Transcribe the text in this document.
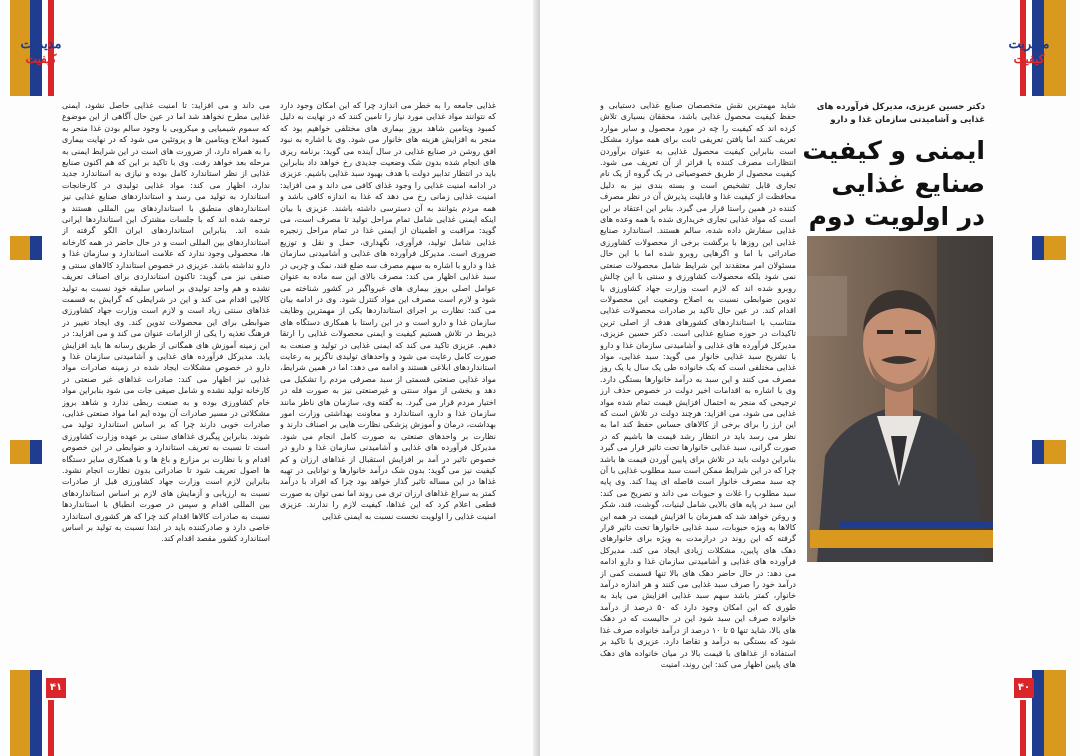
مدیریت
کیفیت
۴۱

می داند و می افزاید: تا امنیت غذایی حاصل نشود، ایمنی غذایی مطرح نخواهد شد اما در عین حال آگاهی از این موضوع که سموم شیمیایی و میکروبی با وجود سالم بودن غذا منجر به کمبود املاح ویتامین ها و پروتئین می شود که در نهایت بیماری را به همراه دارد، از ضرورت های است در این شرایط ایمنی به مرحله بعد خواهد رفت. وی با تاکید بر این که هم اکنون صنایع غذایی از نظر استاندارد کامل بوده و نیازی به استاندارد جدید ندارد، اظهار می کند: مواد غذایی تولیدی در کارخانجات استاندارد به تولید می رسد و استانداردهای صنایع غذایی نیز استانداردهای منطبق با استانداردهای بین المللی هستند و ترجمه شده اند که با جلسات مشترک این استانداردها ایرانی شده اند. بنابراین استانداردهای ایران الگو گرفته از استانداردهای بین المللی است و در حال حاضر در همه کارخانه ها، محصولی وجود ندارد که علامت استاندارد و سازمان غذا و دارو نداشته باشد. عزیزی در خصوص استاندارد کالاهای سنتی و صنفی نیز می گوید: تاکنون استانداردی برای اصناف تعریف نشده و هم واحد تولیدی بر اساس سلیقه خود نسبت به تولید کالایی اقدام می کند و این در شرایطی که گرایش به قسمت غذاهای سنتی زیاد است و لازم است وزارت جهاد کشاورزی ضوابطی برای این محصولات تدوین کند. وی ایجاد تغییر در فرهنگ تغذیه را یکی از الزامات عنوان می کند و می افزاید: در این زمینه آموزش های همگانی از طریق رسانه ها باید افزایش یابد. مدیرکل فرآورده های غذایی و آشامیدنی سازمان غذا و دارو در خصوص مشکلات ایجاد شده در زمینه صادرات مواد غذایی نیز اظهار می کند: صادرات غذاهای غیر صنعتی در کارخانه تولید نشده و شامل صیفی جات می شود بنابراین مواد خام کشاورزی بوده و به صنعت ربطی ندارد و شاهد بروز مشکلاتی در مسیر صادرات آن بوده ایم اما مواد صنعتی غذایی، صادرات خوبی دارند چرا که بر اساس استاندارد تولید می شوند. بنابراین پیگیری غذاهای سنتی بر عهده وزارت کشاورزی است تا نسبت به تعریف استاندارد و ضوابطی در این خصوص اقدام و با نظارت بر مزارع و باغ ها و با همکاری سایر دستگاه ها اصول تعریف شود تا صادراتی بدون نظارت انجام نشود. بنابراین لازم است وزارت جهاد کشاورزی قبل از صادرات نسبت به ارزیابی و آزمایش های لازم بر اساس استانداردهای بین المللی اقدام و سپس در صورت انطباق با استانداردها نسبت به صادرات کالاها اقدام کند چرا که هر کشوری استاندارد خاصی دارد و صادرکننده باید در ابتدا نسبت به تولید بر اساس استاندارد کشور مقصد اقدام کند.

غذایی جامعه را به خطر می اندازد چرا که این امکان وجود دارد که نتوانند مواد غذایی مورد نیاز را تامین کنند که در نهایت به دلیل کمبود ویتامین شاهد بروز بیماری های مختلفی خواهیم بود که منجر به افزایش هزینه های خانوار می شود. وی با اشاره به نبود افق روشن در صنایع غذایی در سال آینده می گوید: برنامه ریزی های انجام شده بدون شک وضعیت جدیدی رخ خواهد داد بنابراین باید در انتظار تدابیر دولت با هدف بهبود سبد غذایی باشیم. عزیزی در ادامه امنیت غذایی را وجود غذای کافی می داند و می افزاید: امنیت غذایی زمانی رخ می دهد که غذا به اندازه کافی باشد و همه مردم بتوانند به آن دسترسی داشته باشند. عزیزی با بیان اینکه ایمنی غذایی شامل تمام مراحل تولید تا مصرف است، می گوید: مراقبت و اطمینان از ایمنی غذا در تمام مراحل زنجیره غذایی شامل تولید، فرآوری، نگهداری، حمل و نقل و توزیع ضروری است. مدیرکل فرآورده های غذایی و آشامیدنی سازمان غذا و دارو با اشاره به سهم مصرف سه ضلع قند، نمک و چربی در سبد غذایی اظهار می کند: مصرف بالای این سه ماده به عنوان عوامل اصلی بروز بیماری های غیرواگیر در کشور شناخته می شود و لازم است مصرف این مواد کنترل شود. وی در ادامه بیان می کند: نظارت بر اجرای استانداردها یکی از مهمترین وظایف سازمان غذا و دارو است و در این راستا با همکاری دستگاه های ذیربط در تلاش هستیم کیفیت و ایمنی محصولات غذایی را ارتقا دهیم. عزیزی تاکید می کند که ایمنی غذایی در تولید و صنعت به صورت کامل رعایت می شود و واحدهای تولیدی ناگزیر به رعایت استانداردهای ابلاغی هستند و ادامه می دهد: اما در همین شرایط، مواد غذایی صنعتی قسمتی از سبد مصرفی مردم را تشکیل می دهد و بخشی از مواد سنتی و غیرصنعتی نیز به صورت فله در اختیار مردم قرار می گیرد. به گفته وی، سازمان های ناظر مانند سازمان غذا و دارو، استاندارد و معاونت بهداشتی وزارت امور بهداشت، درمان و آموزش پزشکی نظارت هایی بر اصناف دارند و نظارت بر واحدهای صنعتی به صورت کامل انجام می شود. مدیرکل فرآورده های غذایی و آشامیدنی سازمان غذا و دارو در خصوص تاثیر در آمد بر افزایش استقبال از غذاهای ارزان و کم کیفیت نیز می گوید: بدون شک درآمد خانوارها و توانایی در تهیه غذاها در این مساله تاثیر گذار خواهد بود چرا که افراد با درآمد کمتر به سراغ غذاهای ارزان تری می روند اما نمی توان به صورت قطعی اعلام کرد که این غذاها، کیفیت لازم را ندارند. عزیزی امنیت غذایی را اولویت نخست نسبت به ایمنی غذایی

مدیریت
کیفیت
۴۰

شاید مهمترین نقش متخصصان صنایع غذایی دستیابی و حفظ کیفیت محصول غذایی باشد، محققان بسیاری تلاش کرده اند که کیفیت را چه در مورد محصول و سایر موارد تعریف کنند اما یافتن تعریفی ثابت برای همه موارد مشکل است بنابراین کیفیت محصول غذایی به عنوان برآوردن انتظارات مصرف کننده یا فراتر از آن تعریف می شود. کیفیت محصول از طریق خصوصیاتی در یک گروه از یک نام تجاری قابل تشخیص است و بسته بندی نیز به دلیل محافظت از کیفیت غذا و قابلیت پذیرش آن در نظر مصرف کننده در همین راستا قرار می گیرد. بنابر این اعتقاد بر این است که مواد غذایی تجاری خریداری شده با همه وعده های غذایی سفارش داده شده، سالم هستند. استاندارد صنایع غذایی این روزها با برگشت برخی از محصولات کشاورزی صادراتی با اما و اگرهایی روبرو شده اما با این حال مسئولان امر معتقدند این شرایط شامل محصولات صنعتی نمی شود بلکه محصولات کشاورزی و سنتی با این چالش روبرو شده اند که لازم است وزارت جهاد کشاورزی با تدوین ضوابطی نسبت به اصلاح وضعیت این محصولات اقدام کند. در عین حال تاکید بر صادرات محصولات غذایی متناسب با استانداردهای کشورهای هدف از اصلی ترین تاکیدات در حوزه صنایع غذایی است. دکتر حسین عزیزی، مدیرکل فرآورده های غذایی و آشامیدنی سازمان غذا و دارو با تشریح سبد غذایی خانوار می گوید: سبد غذایی، مواد غذایی مختلفی است که یک خانواده طی یک سال یا یک روز مصرف می کنند و این سبد به درآمد خانوارها بستگی دارد. وی با اشاره به اقدامات اخیر دولت در خصوص حذف ارز ترجیحی که منجر به احتمال افزایش قیمت تمام شده مواد غذایی می شود، می افزاید: هرچند دولت در تلاش است که این ارز را برای برخی از کالاهای حساس حفظ کند اما به نظر می رسد باید در انتظار رشد قیمت ها باشیم که در صورت گرانی، سبد غذایی خانوارها تحت تاثیر قرار می گیرد بنابراین دولت باید در تلاش برای پایین آوردن قیمت ها باشد چرا که در این شرایط ممکن است سبد مطلوب غذایی با آن چه سبد مصرف خانوار است فاصله ای پیدا کند. وی پایه سبد مطلوب را غلات و حبوبات می داند و تصریح می کند: این سبد در پایه های بالایی شامل لبنیات، گوشت، قند، شکر و روغن خواهد شد که همزمان با افزایش قیمت در همه این کالاها به ویژه حبوبات، سبد غذایی خانوارها تحت تاثیر قرار گرفته که این روند در درازمدت به ویژه برای خانوارهای دهک های پایین، مشکلات زیادی ایجاد می کند. مدیرکل فرآورده های غذایی و آشامیدنی سازمان غذا و دارو ادامه می دهد: در حال حاضر دهک های بالا تنها قسمت کمی از درآمد خود را صرف سبد غذایی می کنند و هر اندازه درآمد خانوار، کمتر باشد سهم سبد غذایی افزایش می یابد به طوری که این امکان وجود دارد که ۵۰ درصد از درآمد خانواده صرف این سبد شود این در حالیست که در دهک های بالا، شاید تنها ۵ تا ۱۰ درصد از درآمد خانواده صرف غذا شود که بستگی به درآمد و تقاضا دارد. عزیزی با تاکید بر استفاده از غذاهای با قیمت بالا در میان خانواده های دهک های پایین اظهار می کند: این روند، امنیت

دکتر حسین عزیزی، مدیرکل فرآورده های غذایی و آشامیدنی سازمان غذا و دارو
ایمنی و کیفیت صنایع غذایی در اولویت دوم
